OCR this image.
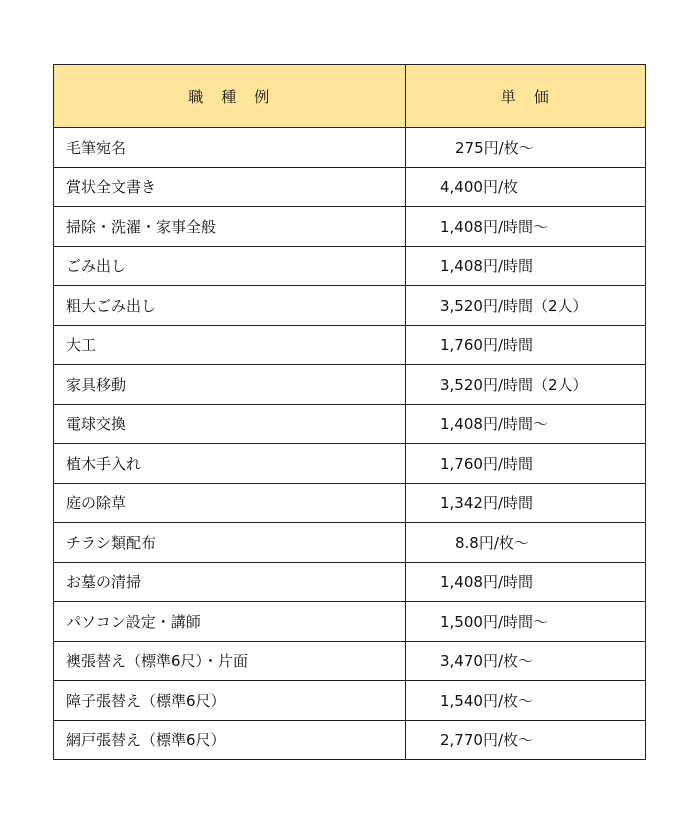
職　種　例	単　価
毛筆宛名	　275円/枚～
賞状全文書き	4,400円/枚
掃除・洗濯・家事全般	1,408円/時間～
ごみ出し	1,408円/時間
粗大ごみ出し	3,520円/時間（2人）
大工	1,760円/時間
家具移動	3,520円/時間（2人）
電球交換	1,408円/時間～
植木手入れ	1,760円/時間
庭の除草	1,342円/時間
チラシ類配布	　8.8円/枚～
お墓の清掃	1,408円/時間
パソコン設定・講師	1,500円/時間～
襖張替え（標準6尺）・片面	3,470円/枚～
障子張替え（標準6尺）	1,540円/枚～
網戸張替え（標準6尺）	2,770円/枚～
